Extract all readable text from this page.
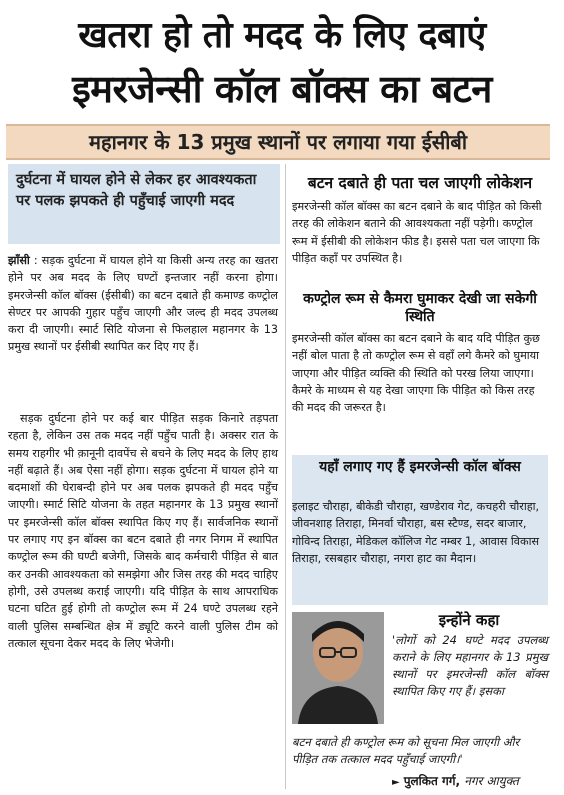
खतरा हो तो मदद के लिए दबाएं
इमरजेन्सी कॉल बॉक्स का बटन
महानगर के 13 प्रमुख स्थानों पर लगाया गया ईसीबी
दुर्घटना में घायल होने से लेकर हर आवश्यकता पर पलक झपकते ही पहुँचाई जाएगी मदद
झाँसी : सड़क दुर्घटना में घायल होने या किसी अन्य तरह का खतरा होने पर अब मदद के लिए घण्टों इन्तजार नहीं करना होगा। इमरजेन्सी कॉल बॉक्स (ईसीबी) का बटन दबाते ही कमाण्ड कण्ट्रोल सेण्टर पर आपकी गुहार पहुँच जाएगी और जल्द ही मदद उपलब्ध करा दी जाएगी। स्मार्ट सिटि योजना से फिलहाल महानगर के 13 प्रमुख स्थानों पर ईसीबी स्थापित कर दिए गए हैं।
सड़क दुर्घटना होने पर कई बार पीड़ित सड़क किनारे तड़पता रहता है, लेकिन उस तक मदद नहीं पहुँच पाती है। अक्सर रात के समय राहगीर भी क़ानूनी दावपेंच से बचने के लिए मदद के लिए हाथ नहीं बढ़ाते हैं। अब ऐसा नहीं होगा। सड़क दुर्घटना में घायल होने या बदमाशों की घेराबन्दी होने पर अब पलक झपकते ही मदद पहुँच जाएगी। स्मार्ट सिटि योजना के तहत महानगर के 13 प्रमुख स्थानों पर इमरजेन्सी कॉल बॉक्स स्थापित किए गए हैं। सार्वजनिक स्थानों पर लगाए गए इन बॉक्स का बटन दबाते ही नगर निगम में स्थापित कण्ट्रोल रूम की घण्टी बजेगी, जिसके बाद कर्मचारी पीड़ित से बात कर उनकी आवश्यकता को समझेगा और जिस तरह की मदद चाहिए होगी, उसे उपलब्ध कराई जाएगी। यदि पीड़ित के साथ आपराधिक घटना घटित हुई होगी तो कण्ट्रोल रूम में 24 घण्टे उपलब्ध रहने वाली पुलिस सम्बन्धित क्षेत्र में ड्यूटि करने वाली पुलिस टीम को तत्काल सूचना देकर मदद के लिए भेजेगी।
बटन दबाते ही पता चल जाएगी लोकेशन
इमरजेन्सी कॉल बॉक्स का बटन दबाने के बाद पीड़ित को किसी तरह की लोकेशन बताने की आवश्यकता नहीं पड़ेगी। कण्ट्रोल रूम में ईसीबी की लोकेशन फीड है। इससे पता चल जाएगा कि पीड़ित कहाँ पर उपस्थित है।
कण्ट्रोल रूम से कैमरा घुमाकर देखी जा सकेगी स्थिति
इमरजेन्सी कॉल बॉक्स का बटन दबाने के बाद यदि पीड़ित कुछ नहीं बोल पाता है तो कण्ट्रोल रूम से वहाँ लगे कैमरे को घुमाया जाएगा और पीड़ित व्यक्ति की स्थिति को परख लिया जाएगा। कैमरे के माध्यम से यह देखा जाएगा कि पीड़ित को किस तरह की मदद की जरूरत है।
यहाँ लगाए गए हैं इमरजेन्सी कॉल बॉक्स
इलाइट चौराहा, बीकेडी चौराहा, खण्डेराव गेट, कचहरी चौराहा, जीवनशाह तिराहा, मिनर्वा चौराहा, बस स्टैण्ड, सदर बाजार, गोविन्द तिराहा, मेडिकल कॉलिज गेट नम्बर 1, आवास विकास तिराहा, रसबहार चौराहा, नगरा हाट का मैदान।
इन्होंने कहा
'लोगों को 24 घण्टे मदद उपलब्ध कराने के लिए महानगर के 13 प्रमुख स्थानों पर इमरजेन्सी कॉल बॉक्स स्थापित किए गए हैं। इसका
बटन दबाते ही कण्ट्रोल रूम को सूचना मिल जाएगी और पीड़ित तक तत्काल मदद पहुँचाई जाएगी।'
► पुलकित गर्ग, नगर आयुक्त
